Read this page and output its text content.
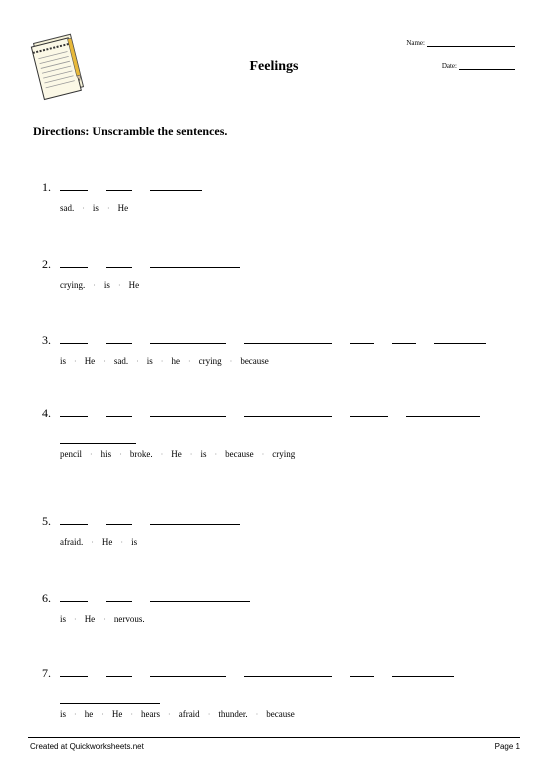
Feelings
Name:
Date:
Directions: Unscramble the sentences.
1.
sad. · is · He
2.
crying. · is · He
3.
is · He · sad. · is · he · crying · because
4.
pencil · his · broke. · He · is · because · crying
5.
afraid. · He · is
6.
is · He · nervous.
7.
is · he · He · hears · afraid · thunder. · because
Created at Quickworksheets.net	Page 1
